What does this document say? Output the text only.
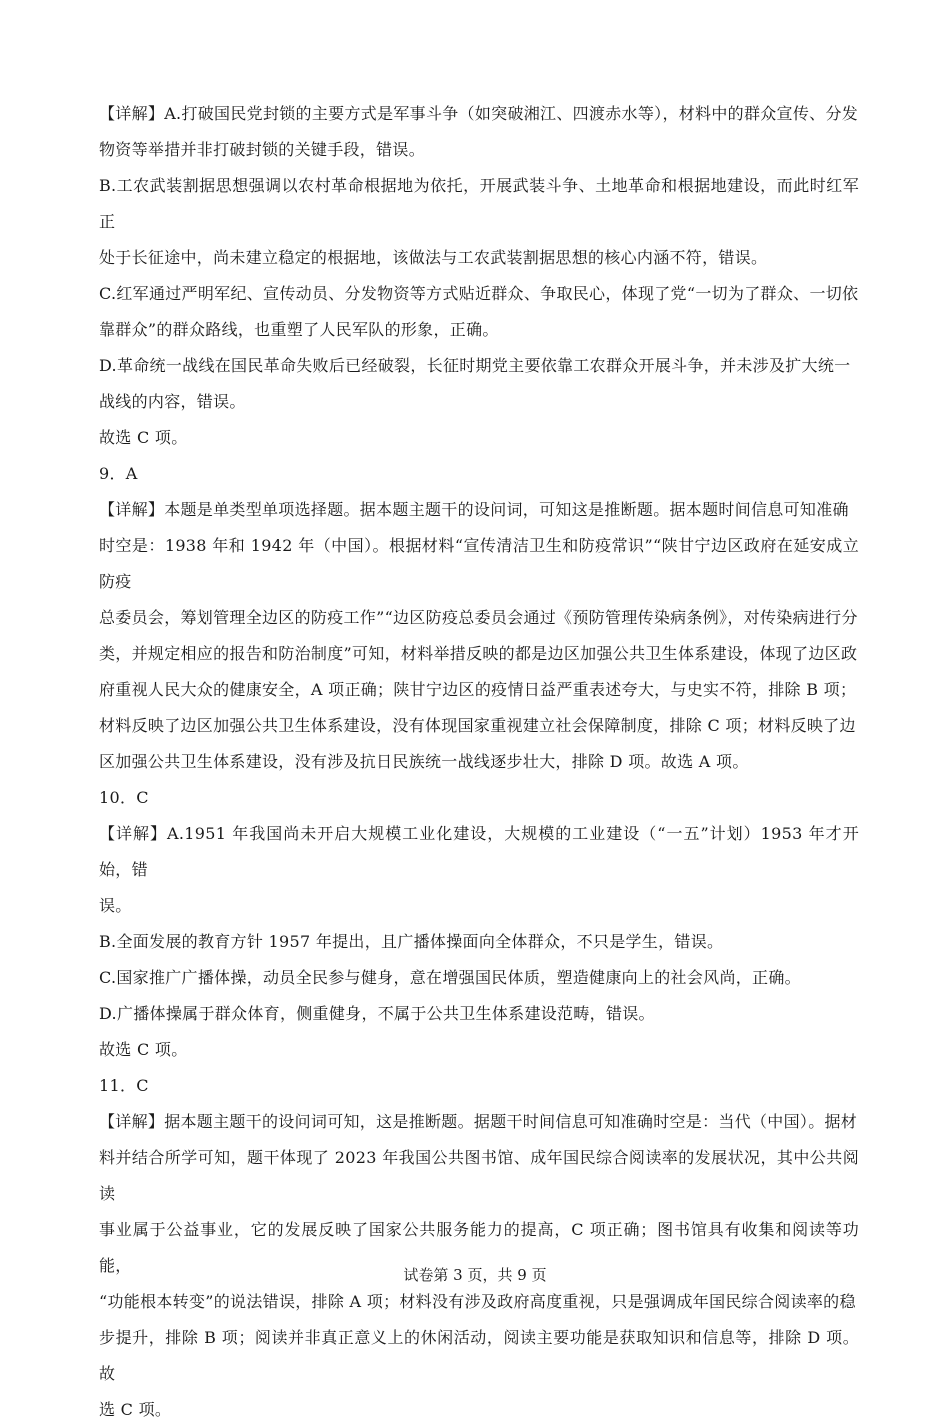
【详解】A.打破国民党封锁的主要方式是军事斗争（如突破湘江、四渡赤水等），材料中的群众宣传、分发

物资等举措并非打破封锁的关键手段，错误。

B.工农武装割据思想强调以农村革命根据地为依托，开展武装斗争、土地革命和根据地建设，而此时红军正

处于长征途中，尚未建立稳定的根据地，该做法与工农武装割据思想的核心内涵不符，错误。

C.红军通过严明军纪、宣传动员、分发物资等方式贴近群众、争取民心，体现了党“一切为了群众、一切依

靠群众”的群众路线，也重塑了人民军队的形象，正确。

D.革命统一战线在国民革命失败后已经破裂，长征时期党主要依靠工农群众开展斗争，并未涉及扩大统一

战线的内容，错误。

故选 C 项。

9．A

【详解】本题是单类型单项选择题。据本题主题干的设问词，可知这是推断题。据本题时间信息可知准确

时空是：1938 年和 1942 年（中国）。根据材料“宣传清洁卫生和防疫常识”“陕甘宁边区政府在延安成立防疫

总委员会，筹划管理全边区的防疫工作”“边区防疫总委员会通过《预防管理传染病条例》，对传染病进行分

类，并规定相应的报告和防治制度”可知，材料举措反映的都是边区加强公共卫生体系建设，体现了边区政

府重视人民大众的健康安全，A 项正确；陕甘宁边区的疫情日益严重表述夸大，与史实不符，排除 B 项；

材料反映了边区加强公共卫生体系建设，没有体现国家重视建立社会保障制度，排除 C 项；材料反映了边

区加强公共卫生体系建设，没有涉及抗日民族统一战线逐步壮大，排除 D 项。故选 A 项。

10．C

【详解】A.1951 年我国尚未开启大规模工业化建设，大规模的工业建设（“一五”计划）1953 年才开始，错

误。

B.全面发展的教育方针 1957 年提出，且广播体操面向全体群众，不只是学生，错误。

C.国家推广广播体操，动员全民参与健身，意在增强国民体质，塑造健康向上的社会风尚，正确。

D.广播体操属于群众体育，侧重健身，不属于公共卫生体系建设范畴，错误。

故选 C 项。

11．C

【详解】据本题主题干的设问词可知，这是推断题。据题干时间信息可知准确时空是：当代（中国）。据材

料并结合所学可知，题干体现了 2023 年我国公共图书馆、成年国民综合阅读率的发展状况，其中公共阅读

事业属于公益事业，它的发展反映了国家公共服务能力的提高，C 项正确；图书馆具有收集和阅读等功能，

“功能根本转变”的说法错误，排除 A 项；材料没有涉及政府高度重视，只是强调成年国民综合阅读率的稳

步提升，排除 B 项；阅读并非真正意义上的休闲活动，阅读主要功能是获取知识和信息等，排除 D 项。故

选 C 项。

试卷第 3 页，共 9 页
